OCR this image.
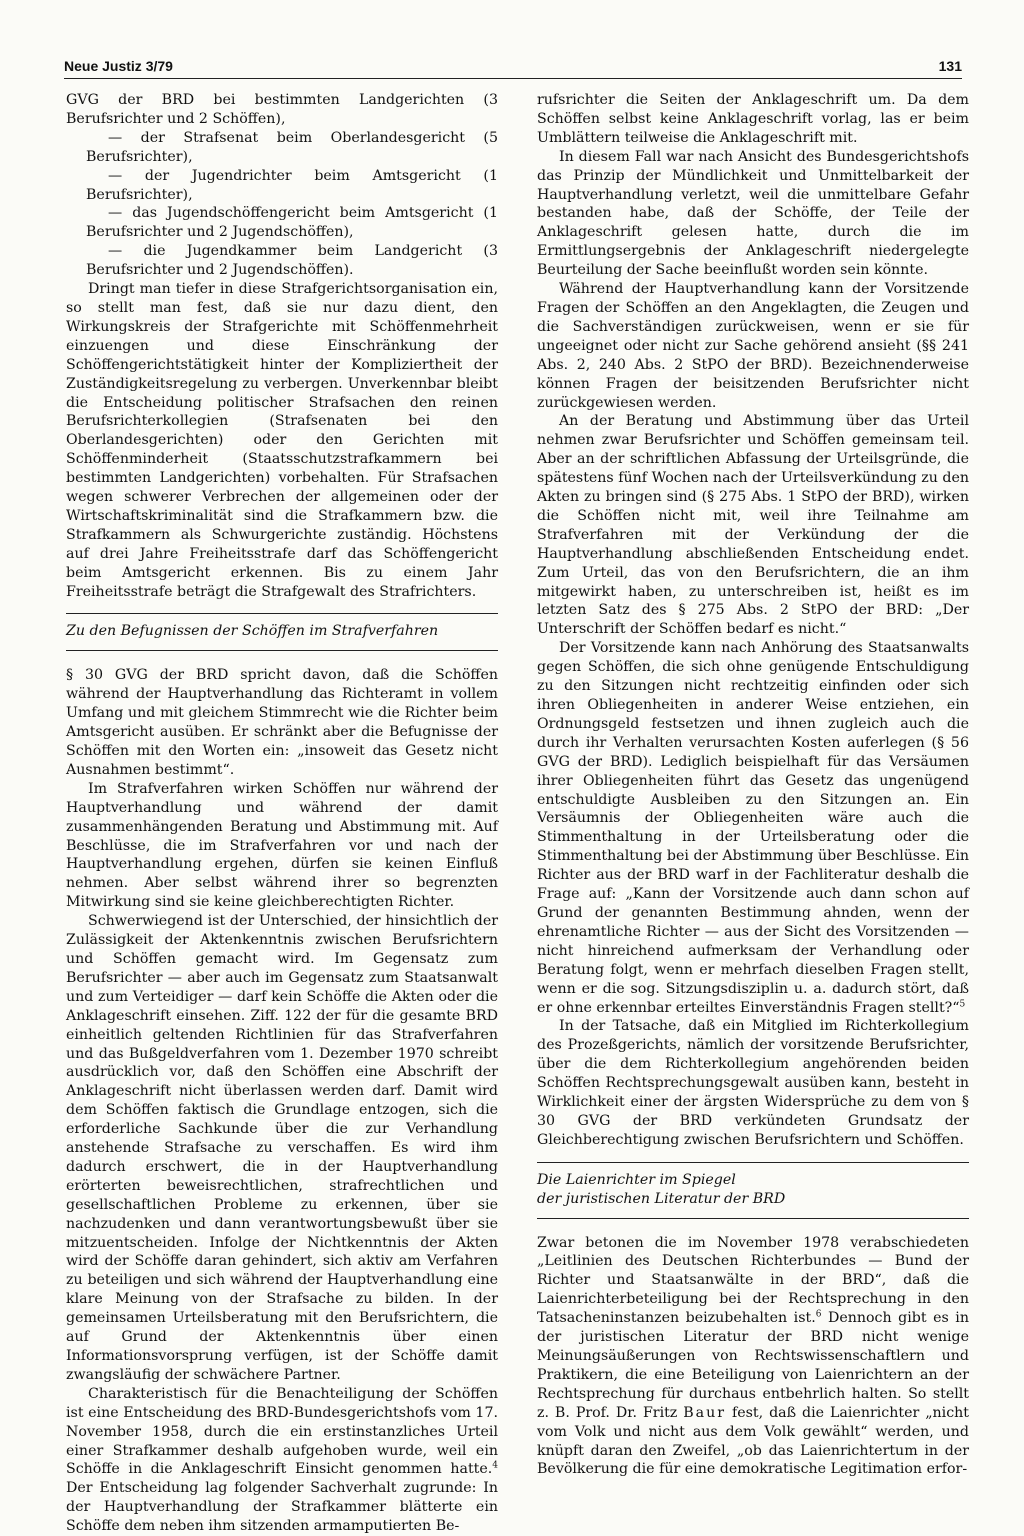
Neue Justiz 3/79	131

GVG der BRD bei bestimmten Landgerichten (3 Berufsrichter und 2 Schöffen),

— der Strafsenat beim Oberlandesgericht (5 Berufsrichter),

— der Jugendrichter beim Amtsgericht (1 Berufsrichter),

— das Jugendschöffengericht beim Amtsgericht (1 Berufsrichter und 2 Jugendschöffen),

— die Jugendkammer beim Landgericht (3 Berufsrichter und 2 Jugendschöffen).

Dringt man tiefer in diese Strafgerichtsorganisation ein, so stellt man fest, daß sie nur dazu dient, den Wirkungskreis der Strafgerichte mit Schöffenmehrheit einzuengen und diese Einschränkung der Schöffengerichtstätigkeit hinter der Kompliziertheit der Zuständigkeitsregelung zu verbergen. Unverkennbar bleibt die Entscheidung politischer Strafsachen den reinen Berufsrichterkollegien (Strafsenaten bei den Oberlandesgerichten) oder den Gerichten mit Schöffenminderheit (Staatsschutzstrafkammern bei bestimmten Landgerichten) vorbehalten. Für Strafsachen wegen schwerer Verbrechen der allgemeinen oder der Wirtschaftskriminalität sind die Strafkammern bzw. die Strafkammern als Schwurgerichte zuständig. Höchstens auf drei Jahre Freiheitsstrafe darf das Schöffengericht beim Amtsgericht erkennen. Bis zu einem Jahr Freiheitsstrafe beträgt die Strafgewalt des Strafrichters.

Zu den Befugnissen der Schöffen im Strafverfahren

§ 30 GVG der BRD spricht davon, daß die Schöffen während der Hauptverhandlung das Richteramt in vollem Umfang und mit gleichem Stimmrecht wie die Richter beim Amtsgericht ausüben. Er schränkt aber die Befugnisse der Schöffen mit den Worten ein: „insoweit das Gesetz nicht Ausnahmen bestimmt“.

Im Strafverfahren wirken Schöffen nur während der Hauptverhandlung und während der damit zusammenhängenden Beratung und Abstimmung mit. Auf Beschlüsse, die im Strafverfahren vor und nach der Hauptverhandlung ergehen, dürfen sie keinen Einfluß nehmen. Aber selbst während ihrer so begrenzten Mitwirkung sind sie keine gleichberechtigten Richter.

Schwerwiegend ist der Unterschied, der hinsichtlich der Zulässigkeit der Aktenkenntnis zwischen Berufsrichtern und Schöffen gemacht wird. Im Gegensatz zum Berufsrichter — aber auch im Gegensatz zum Staatsanwalt und zum Verteidiger — darf kein Schöffe die Akten oder die Anklageschrift einsehen. Ziff. 122 der für die gesamte BRD einheitlich geltenden Richtlinien für das Strafverfahren und das Bußgeldverfahren vom 1. Dezember 1970 schreibt ausdrücklich vor, daß den Schöffen eine Abschrift der Anklageschrift nicht überlassen werden darf. Damit wird dem Schöffen faktisch die Grundlage entzogen, sich die erforderliche Sachkunde über die zur Verhandlung anstehende Strafsache zu verschaffen. Es wird ihm dadurch erschwert, die in der Hauptverhandlung erörterten beweisrechtlichen, strafrechtlichen und gesellschaftlichen Probleme zu erkennen, über sie nachzudenken und dann verantwortungsbewußt über sie mitzuentscheiden. Infolge der Nichtkenntnis der Akten wird der Schöffe daran gehindert, sich aktiv am Verfahren zu beteiligen und sich während der Hauptverhandlung eine klare Meinung von der Strafsache zu bilden. In der gemeinsamen Urteilsberatung mit den Berufsrichtern, die auf Grund der Aktenkenntnis über einen Informationsvorsprung verfügen, ist der Schöffe damit zwangsläufig der schwächere Partner.

Charakteristisch für die Benachteiligung der Schöffen ist eine Entscheidung des BRD-Bundesgerichtshofs vom 17. November 1958, durch die ein erstinstanzliches Urteil einer Strafkammer deshalb aufgehoben wurde, weil ein Schöffe in die Anklageschrift Einsicht genommen hatte.$^4$ Der Entscheidung lag folgender Sachverhalt zugrunde: In der Hauptverhandlung der Strafkammer blätterte ein Schöffe dem neben ihm sitzenden armamputierten Be-

rufsrichter die Seiten der Anklageschrift um. Da dem Schöffen selbst keine Anklageschrift vorlag, las er beim Umblättern teilweise die Anklageschrift mit.

In diesem Fall war nach Ansicht des Bundesgerichtshofs das Prinzip der Mündlichkeit und Unmittelbarkeit der Hauptverhandlung verletzt, weil die unmittelbare Gefahr bestanden habe, daß der Schöffe, der Teile der Anklageschrift gelesen hatte, durch die im Ermittlungsergebnis der Anklageschrift niedergelegte Beurteilung der Sache beeinflußt worden sein könnte.

Während der Hauptverhandlung kann der Vorsitzende Fragen der Schöffen an den Angeklagten, die Zeugen und die Sachverständigen zurückweisen, wenn er sie für ungeeignet oder nicht zur Sache gehörend ansieht (§§ 241 Abs. 2, 240 Abs. 2 StPO der BRD). Bezeichnenderweise können Fragen der beisitzenden Berufsrichter nicht zurückgewiesen werden.

An der Beratung und Abstimmung über das Urteil nehmen zwar Berufsrichter und Schöffen gemeinsam teil. Aber an der schriftlichen Abfassung der Urteilsgründe, die spätestens fünf Wochen nach der Urteilsverkündung zu den Akten zu bringen sind (§ 275 Abs. 1 StPO der BRD), wirken die Schöffen nicht mit, weil ihre Teilnahme am Strafverfahren mit der Verkündung der die Hauptverhandlung abschließenden Entscheidung endet. Zum Urteil, das von den Berufsrichtern, die an ihm mitgewirkt haben, zu unterschreiben ist, heißt es im letzten Satz des § 275 Abs. 2 StPO der BRD: „Der Unterschrift der Schöffen bedarf es nicht.“

Der Vorsitzende kann nach Anhörung des Staatsanwalts gegen Schöffen, die sich ohne genügende Entschuldigung zu den Sitzungen nicht rechtzeitig einfinden oder sich ihren Obliegenheiten in anderer Weise entziehen, ein Ordnungsgeld festsetzen und ihnen zugleich auch die durch ihr Verhalten verursachten Kosten auferlegen (§ 56 GVG der BRD). Lediglich beispielhaft für das Versäumen ihrer Obliegenheiten führt das Gesetz das ungenügend entschuldigte Ausbleiben zu den Sitzungen an. Ein Versäumnis der Obliegenheiten wäre auch die Stimmenthaltung in der Urteilsberatung oder die Stimmenthaltung bei der Abstimmung über Beschlüsse. Ein Richter aus der BRD warf in der Fachliteratur deshalb die Frage auf: „Kann der Vorsitzende auch dann schon auf Grund der genannten Bestimmung ahnden, wenn der ehrenamtliche Richter — aus der Sicht des Vorsitzenden — nicht hinreichend aufmerksam der Verhandlung oder Beratung folgt, wenn er mehrfach dieselben Fragen stellt, wenn er die sog. Sitzungsdisziplin u. a. dadurch stört, daß er ohne erkennbar erteiltes Einverständnis Fragen stellt?“$^5$

In der Tatsache, daß ein Mitglied im Richterkollegium des Prozeßgerichts, nämlich der vorsitzende Berufsrichter, über die dem Richterkollegium angehörenden beiden Schöffen Rechtsprechungsgewalt ausüben kann, besteht in Wirklichkeit einer der ärgsten Widersprüche zu dem von § 30 GVG der BRD verkündeten Grundsatz der Gleichberechtigung zwischen Berufsrichtern und Schöffen.

Die Laienrichter im Spiegel
der juristischen Literatur der BRD

Zwar betonen die im November 1978 verabschiedeten „Leitlinien des Deutschen Richterbundes — Bund der Richter und Staatsanwälte in der BRD“, daß die Laienrichterbeteiligung bei der Rechtsprechung in den Tatsacheninstanzen beizubehalten ist.$^6$ Dennoch gibt es in der juristischen Literatur der BRD nicht wenige Meinungsäußerungen von Rechtswissenschaftlern und Praktikern, die eine Beteiligung von Laienrichtern an der Rechtsprechung für durchaus entbehrlich halten. So stellt z. B. Prof. Dr. Fritz Baur fest, daß die Laienrichter „nicht vom Volk und nicht aus dem Volk gewählt“ werden, und knüpft daran den Zweifel, „ob das Laienrichtertum in der Bevölkerung die für eine demokratische Legitimation erfor-
